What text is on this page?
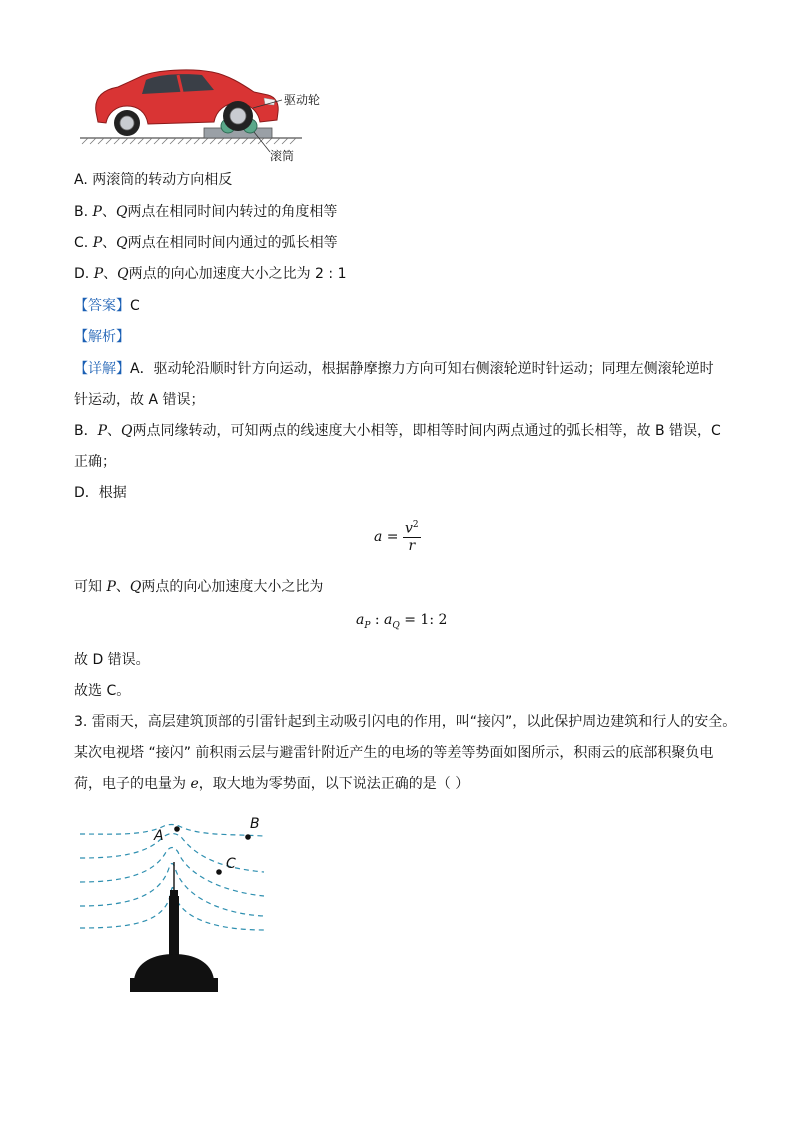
驱动轮
滚筒
A. 两滚筒的转动方向相反
B. P、Q两点在相同时间内转过的角度相等
C. P、Q两点在相同时间内通过的弧长相等
D. P、Q两点的向心加速度大小之比为 2 : 1
【答案】C
【解析】
【详解】A．驱动轮沿顺时针方向运动，根据静摩擦力方向可知右侧滚轮逆时针运动；同理左侧滚轮逆时
针运动，故 A 错误；
B．P、Q两点同缘转动，可知两点的线速度大小相等，即相等时间内两点通过的弧长相等，故 B 错误，C
正确；
D．根据
$a = \frac{v^2}{r}$
可知 P、Q两点的向心加速度大小之比为
$a_P$ : $a_Q = 1$: 2
故 D 错误。
故选 C。
3. 雷雨天，高层建筑顶部的引雷针起到主动吸引闪电的作用，叫“接闪”，以此保护周边建筑和行人的安全。
某次电视塔 “接闪” 前积雨云层与避雷针附近产生的电场的等差等势面如图所示，积雨云的底部积聚负电
荷，电子的电量为 e，取大地为零势面，以下说法正确的是（ ）
A
B
C
